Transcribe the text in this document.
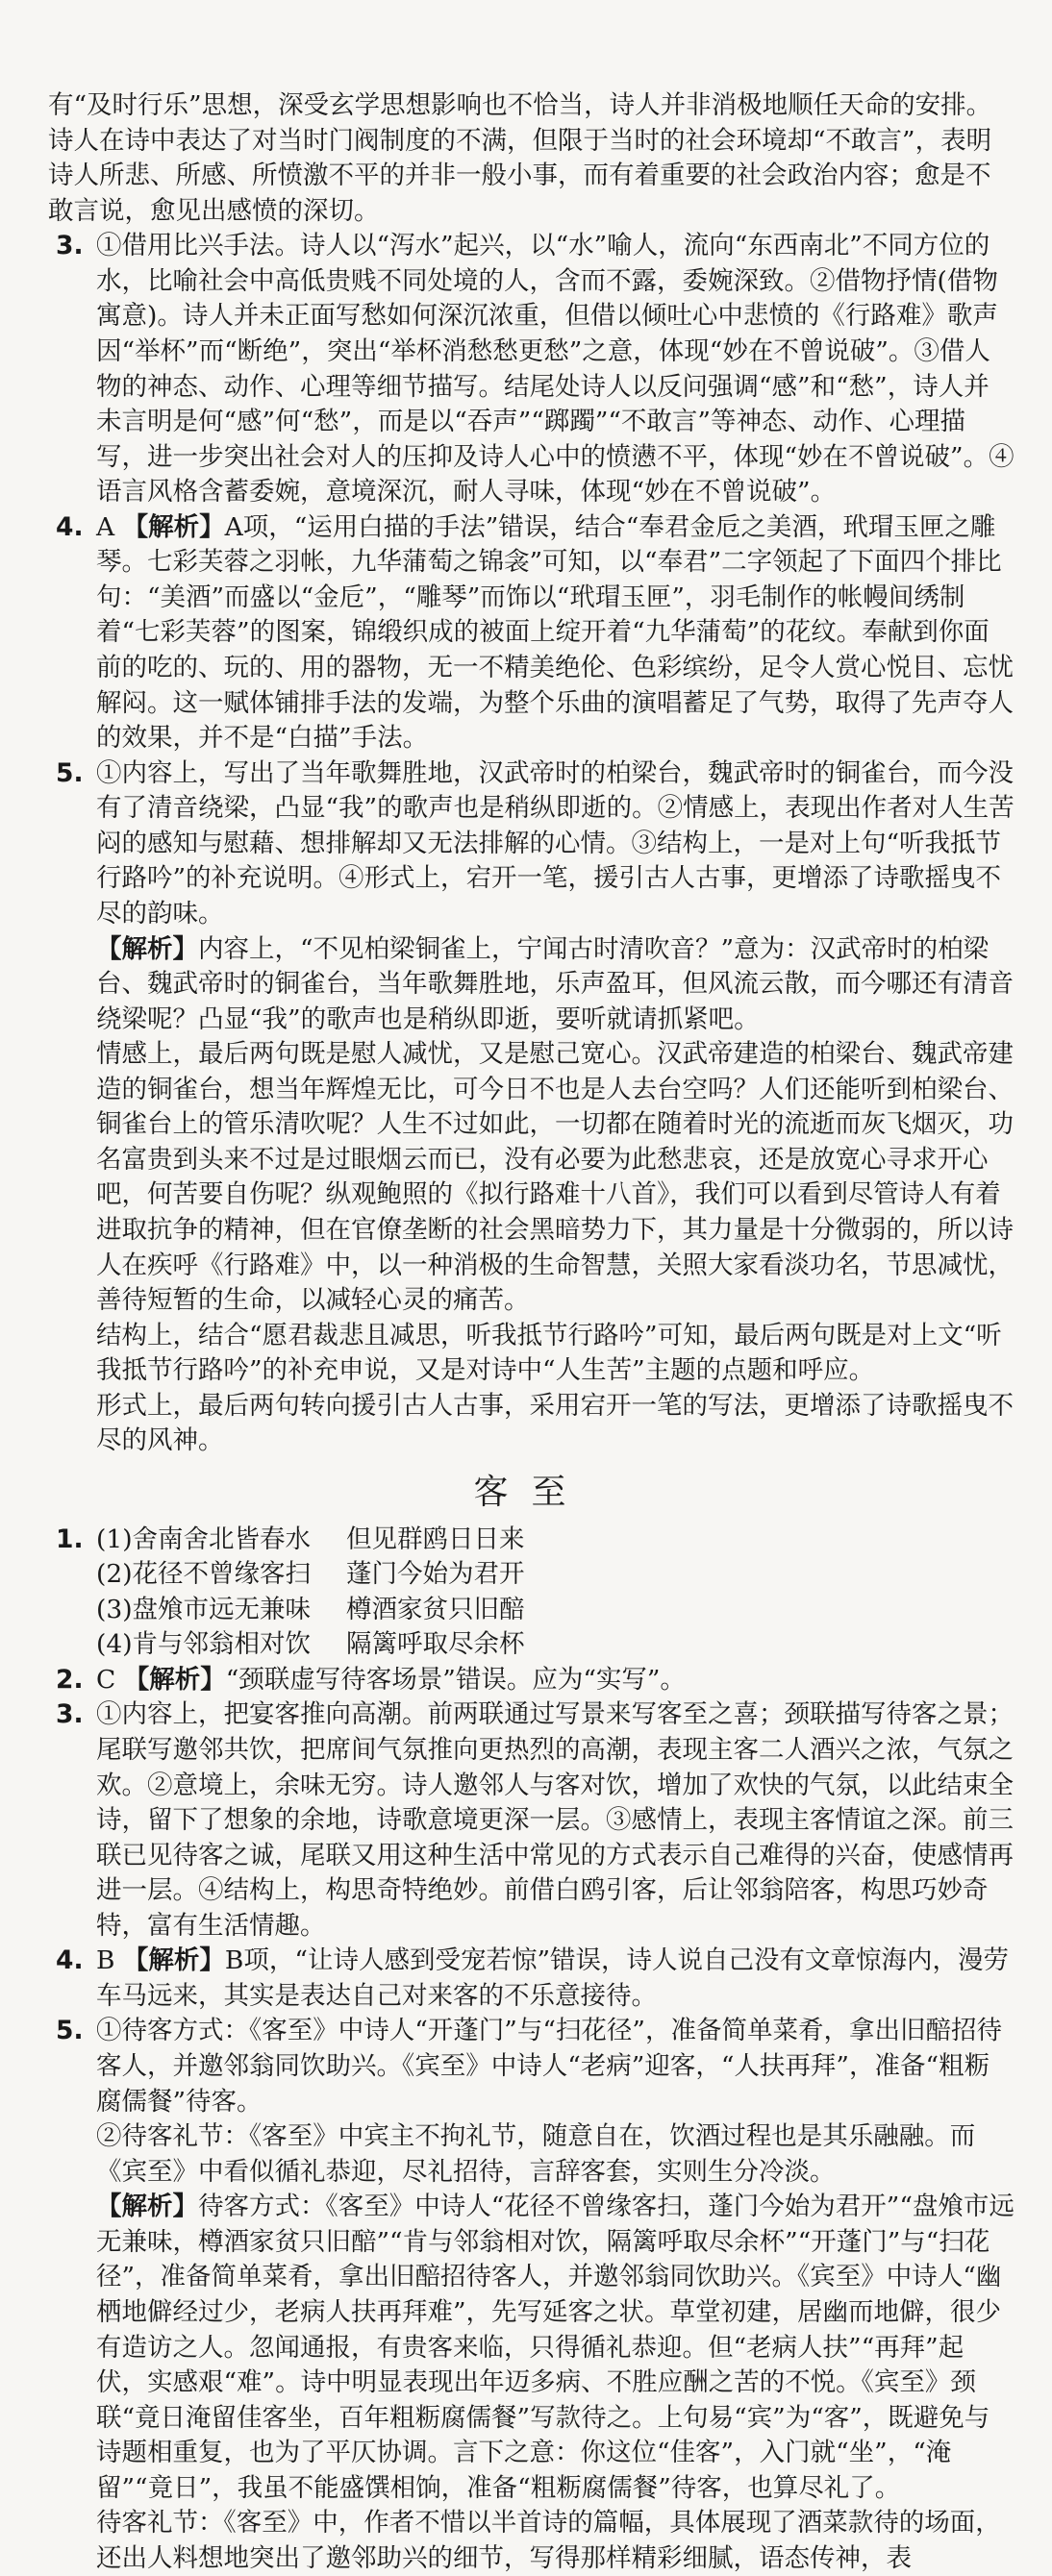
有“及时行乐”思想，深受玄学思想影响也不恰当，诗人并非消极地顺任天命的安排。诗人在诗中表达了对当时门阀制度的不满，但限于当时的社会环境却“不敢言”，表明诗人所悲、所感、所愤激不平的并非一般小事，而有着重要的社会政治内容；愈是不敢言说，愈见出感愤的深切。

3. ①借用比兴手法。诗人以“泻水”起兴，以“水”喻人，流向“东西南北”不同方位的水，比喻社会中高低贵贱不同处境的人，含而不露，委婉深致。②借物抒情(借物寓意)。诗人并未正面写愁如何深沉浓重，但借以倾吐心中悲愤的《行路难》歌声因“举杯”而“断绝”，突出“举杯消愁愁更愁”之意，体现“妙在不曾说破”。③借人物的神态、动作、心理等细节描写。结尾处诗人以反问强调“感”和“愁”，诗人并未言明是何“感”何“愁”，而是以“吞声”“踯躅”“不敢言”等神态、动作、心理描写，进一步突出社会对人的压抑及诗人心中的愤懑不平，体现“妙在不曾说破”。④语言风格含蓄委婉，意境深沉，耐人寻味，体现“妙在不曾说破”。
4. A 【解析】A项，“运用白描的手法”错误，结合“奉君金卮之美酒，玳瑁玉匣之雕琴。七彩芙蓉之羽帐，九华蒲萄之锦衾”可知，以“奉君”二字领起了下面四个排比句：“美酒”而盛以“金卮”，“雕琴”而饰以“玳瑁玉匣”，羽毛制作的帐幔间绣制着“七彩芙蓉”的图案，锦缎织成的被面上绽开着“九华蒲萄”的花纹。奉献到你面前的吃的、玩的、用的器物，无一不精美绝伦、色彩缤纷，足令人赏心悦目、忘忧解闷。这一赋体铺排手法的发端，为整个乐曲的演唱蓄足了气势，取得了先声夺人的效果，并不是“白描”手法。
5. ①内容上，写出了当年歌舞胜地，汉武帝时的柏梁台，魏武帝时的铜雀台，而今没有了清音绕梁，凸显“我”的歌声也是稍纵即逝的。②情感上，表现出作者对人生苦闷的感知与慰藉、想排解却又无法排解的心情。③结构上，一是对上句“听我抵节行路吟”的补充说明。④形式上，宕开一笔，援引古人古事，更增添了诗歌摇曳不尽的韵味。

【解析】内容上，“不见柏梁铜雀上，宁闻古时清吹音？”意为：汉武帝时的柏梁台、魏武帝时的铜雀台，当年歌舞胜地，乐声盈耳，但风流云散，而今哪还有清音绕梁呢？凸显“我”的歌声也是稍纵即逝，要听就请抓紧吧。

情感上，最后两句既是慰人减忧，又是慰己宽心。汉武帝建造的柏梁台、魏武帝建造的铜雀台，想当年辉煌无比，可今日不也是人去台空吗？人们还能听到柏梁台、铜雀台上的管乐清吹呢？人生不过如此，一切都在随着时光的流逝而灰飞烟灭，功名富贵到头来不过是过眼烟云而已，没有必要为此愁悲哀，还是放宽心寻求开心吧，何苦要自伤呢？纵观鲍照的《拟行路难十八首》，我们可以看到尽管诗人有着进取抗争的精神，但在官僚垄断的社会黑暗势力下，其力量是十分微弱的，所以诗人在疾呼《行路难》中，以一种消极的生命智慧，关照大家看淡功名，节思减忧，善待短暂的生命，以减轻心灵的痛苦。

结构上，结合“愿君裁悲且减思，听我抵节行路吟”可知，最后两句既是对上文“听我抵节行路吟”的补充申说，又是对诗中“人生苦”主题的点题和呼应。

形式上，最后两句转向援引古人古事，采用宕开一笔的写法，更增添了诗歌摇曳不尽的风神。

客至
1. (1)舍南舍北皆春水	但见群鸥日日来
(2)花径不曾缘客扫	蓬门今始为君开
(3)盘飧市远无兼味	樽酒家贫只旧醅
(4)肯与邻翁相对饮	隔篱呼取尽余杯
2. C 【解析】“颈联虚写待客场景”错误。应为“实写”。
3. ①内容上，把宴客推向高潮。前两联通过写景来写客至之喜；颈联描写待客之景；尾联写邀邻共饮，把席间气氛推向更热烈的高潮，表现主客二人酒兴之浓，气氛之欢。②意境上，余味无穷。诗人邀邻人与客对饮，增加了欢快的气氛，以此结束全诗，留下了想象的余地，诗歌意境更深一层。③感情上，表现主客情谊之深。前三联已见待客之诚，尾联又用这种生活中常见的方式表示自己难得的兴奋，使感情再进一层。④结构上，构思奇特绝妙。前借白鸥引客，后让邻翁陪客，构思巧妙奇特，富有生活情趣。
4. B 【解析】B项，“让诗人感到受宠若惊”错误，诗人说自己没有文章惊海内，漫劳车马远来，其实是表达自己对来客的不乐意接待。
5. ①待客方式：《客至》中诗人“开蓬门”与“扫花径”，准备简单菜肴，拿出旧醅招待客人，并邀邻翁同饮助兴。《宾至》中诗人“老病”迎客，“人扶再拜”，准备“粗粝腐儒餐”待客。

②待客礼节：《客至》中宾主不拘礼节，随意自在，饮酒过程也是其乐融融。而《宾至》中看似循礼恭迎，尽礼招待，言辞客套，实则生分冷淡。

【解析】待客方式：《客至》中诗人“花径不曾缘客扫，蓬门今始为君开”“盘飧市远无兼味，樽酒家贫只旧醅”“肯与邻翁相对饮，隔篱呼取尽余杯”“开蓬门”与“扫花径”，准备简单菜肴，拿出旧醅招待客人，并邀邻翁同饮助兴。《宾至》中诗人“幽栖地僻经过少，老病人扶再拜难”，先写延客之状。草堂初建，居幽而地僻，很少有造访之人。忽闻通报，有贵客来临，只得循礼恭迎。但“老病人扶”“再拜”起伏，实感艰“难”。诗中明显表现出年迈多病、不胜应酬之苦的不悦。《宾至》颈联“竟日淹留佳客坐，百年粗粝腐儒餐”写款待之。上句易“宾”为“客”，既避免与诗题相重复，也为了平仄协调。言下之意：你这位“佳客”，入门就“坐”，“淹留”“竟日”，我虽不能盛馔相饷，准备“粗粝腐儒餐”待客，也算尽礼了。

待客礼节：《客至》中，作者不惜以半首诗的篇幅，具体展现了酒菜款待的场面，还出人料想地突出了邀邻助兴的细节，写得那样精彩细腻，语态传神，表
